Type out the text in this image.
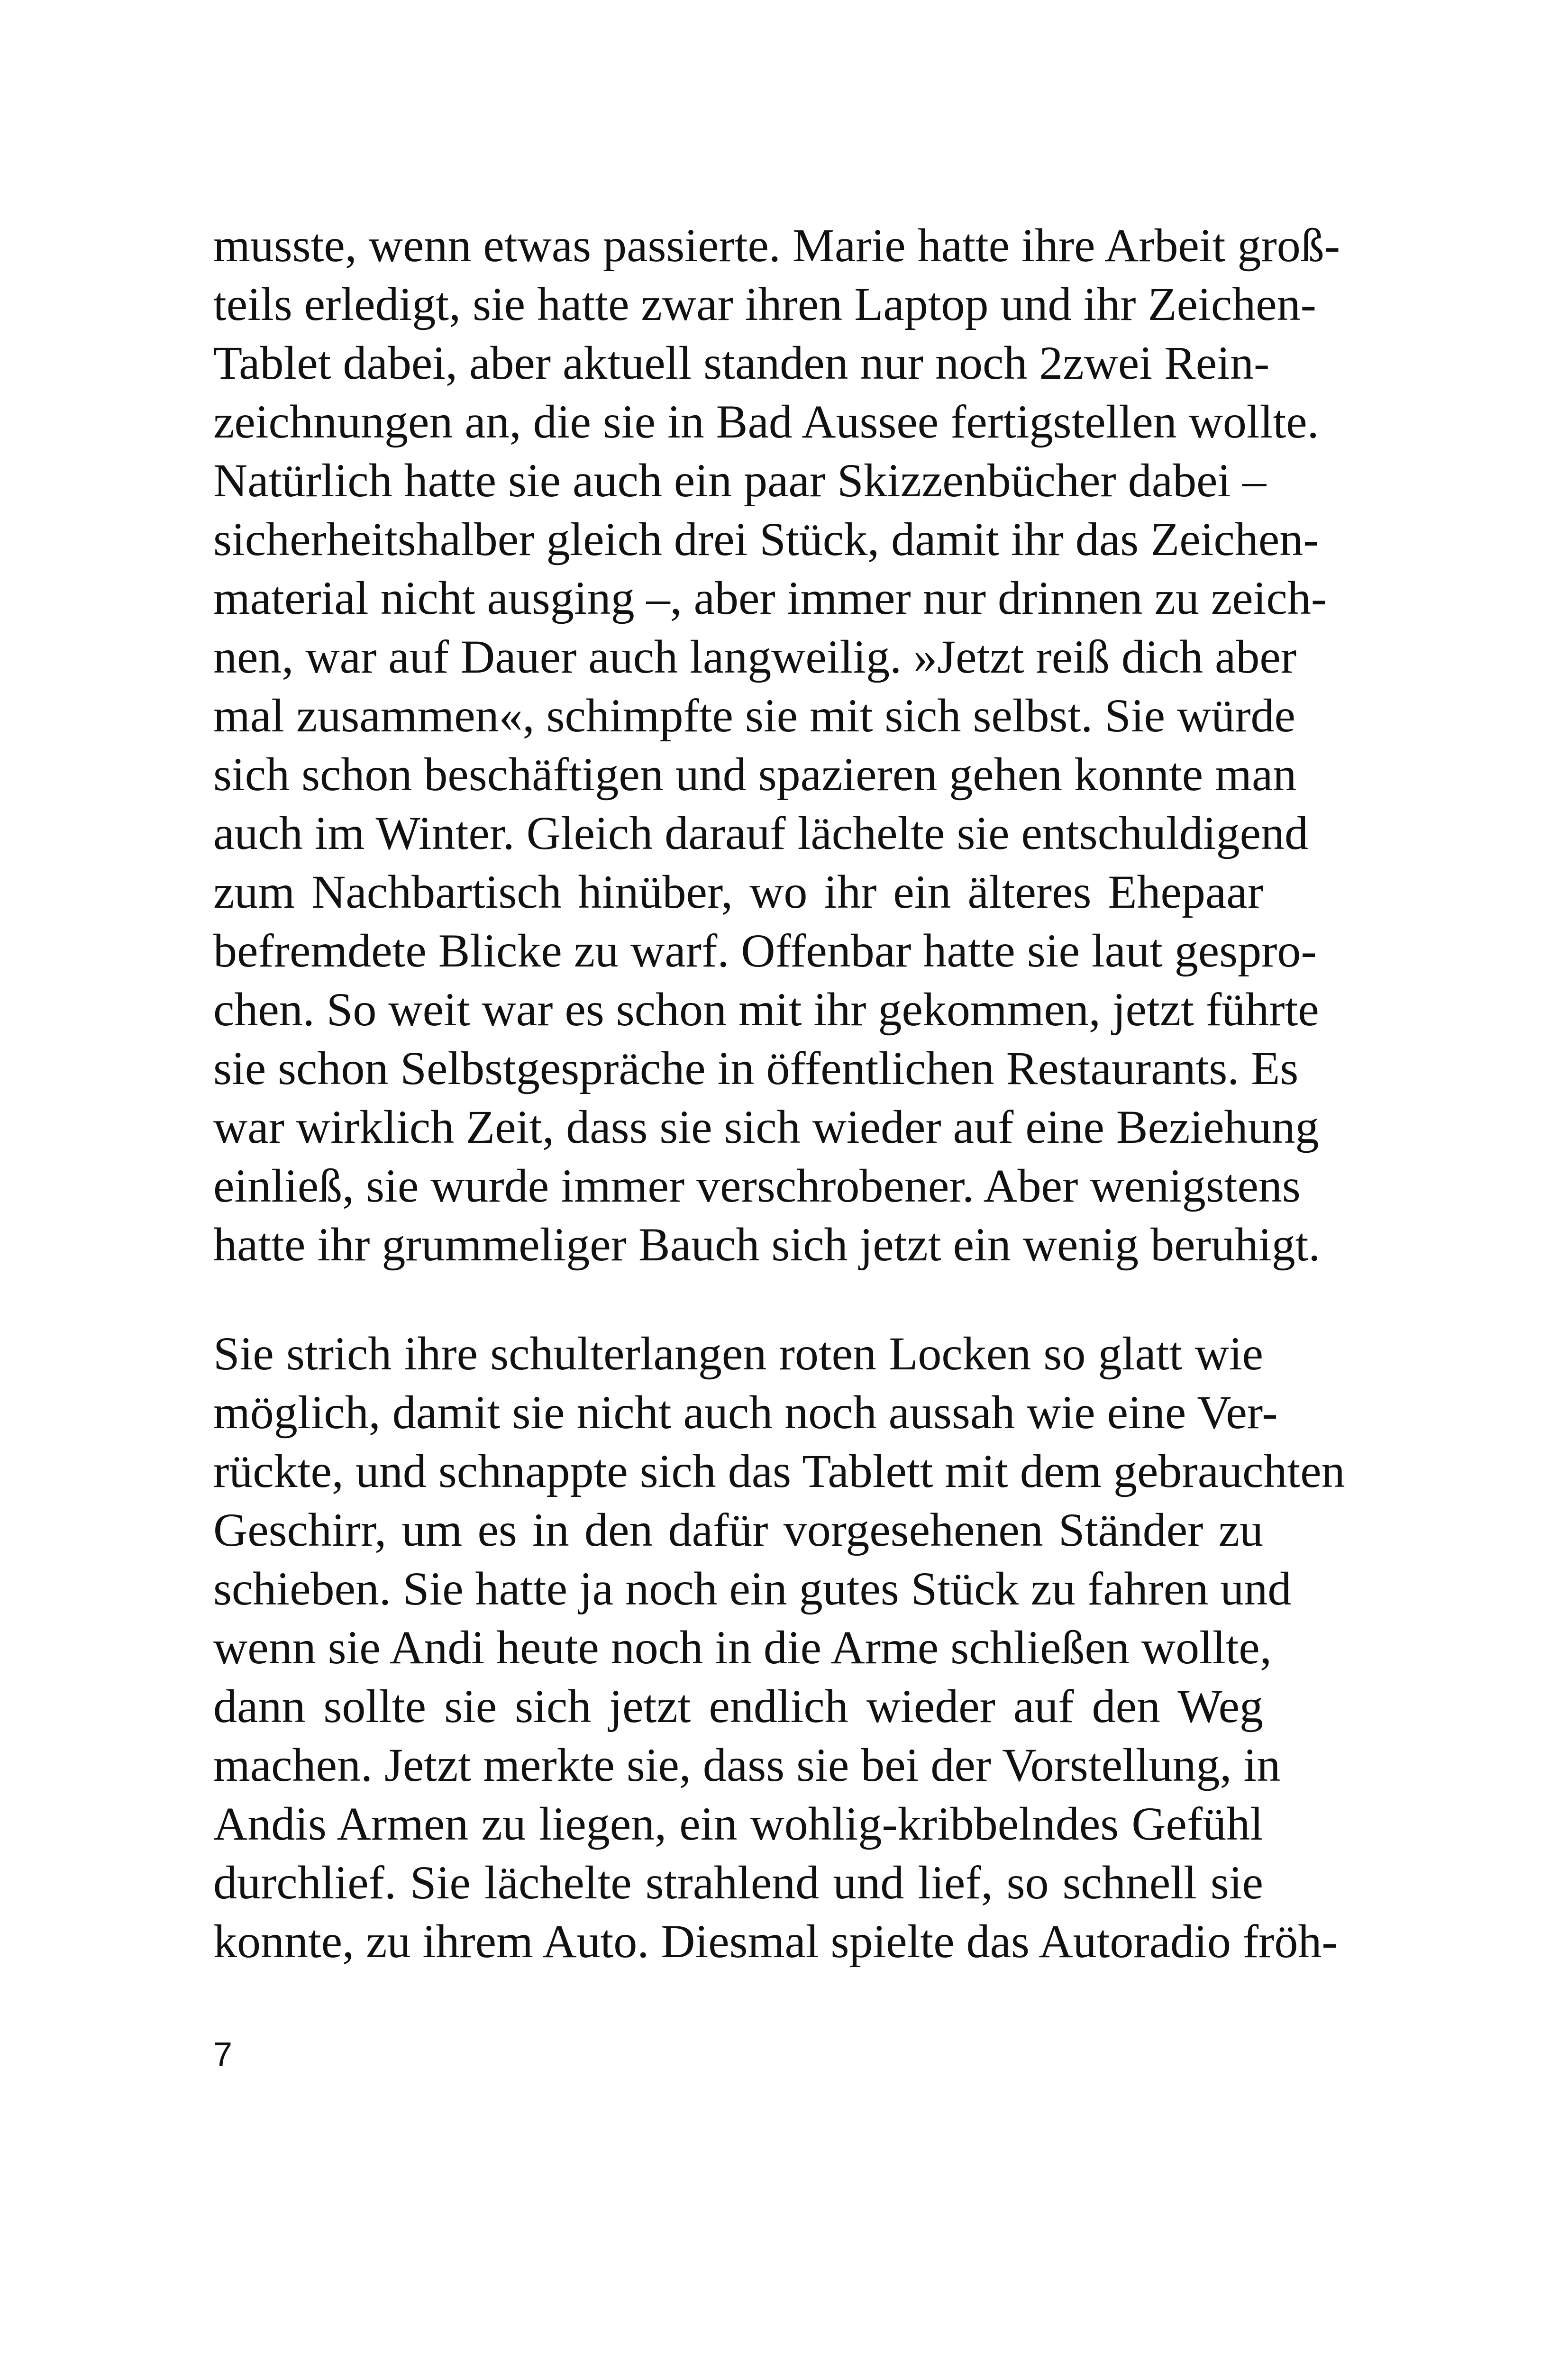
musste, wenn etwas passierte. Marie hatte ihre Arbeit groß-
teils erledigt, sie hatte zwar ihren Laptop und ihr Zeichen-
Tablet dabei, aber aktuell standen nur noch 2zwei Rein-
zeichnungen an, die sie in Bad Aussee fertigstellen wollte.
Natürlich hatte sie auch ein paar Skizzenbücher dabei –
sicherheitshalber gleich drei Stück, damit ihr das Zeichen-
material nicht ausging –, aber immer nur drinnen zu zeich-
nen, war auf Dauer auch langweilig. »Jetzt reiß dich aber
mal zusammen«, schimpfte sie mit sich selbst. Sie würde
sich schon beschäftigen und spazieren gehen konnte man
auch im Winter. Gleich darauf lächelte sie entschuldigend
zum Nachbartisch hinüber, wo ihr ein älteres Ehepaar
befremdete Blicke zu warf. Offenbar hatte sie laut gespro-
chen. So weit war es schon mit ihr gekommen, jetzt führte
sie schon Selbstgespräche in öffentlichen Restaurants. Es
war wirklich Zeit, dass sie sich wieder auf eine Beziehung
einließ, sie wurde immer verschrobener. Aber wenigstens
hatte ihr grummeliger Bauch sich jetzt ein wenig beruhigt.
Sie strich ihre schulterlangen roten Locken so glatt wie
möglich, damit sie nicht auch noch aussah wie eine Ver-
rückte, und schnappte sich das Tablett mit dem gebrauchten
Geschirr, um es in den dafür vorgesehenen Ständer zu
schieben. Sie hatte ja noch ein gutes Stück zu fahren und
wenn sie Andi heute noch in die Arme schließen wollte,
dann sollte sie sich jetzt endlich wieder auf den Weg
machen. Jetzt merkte sie, dass sie bei der Vorstellung, in
Andis Armen zu liegen, ein wohlig-kribbelndes Gefühl
durchlief. Sie lächelte strahlend und lief, so schnell sie
konnte, zu ihrem Auto. Diesmal spielte das Autoradio fröh-
7
